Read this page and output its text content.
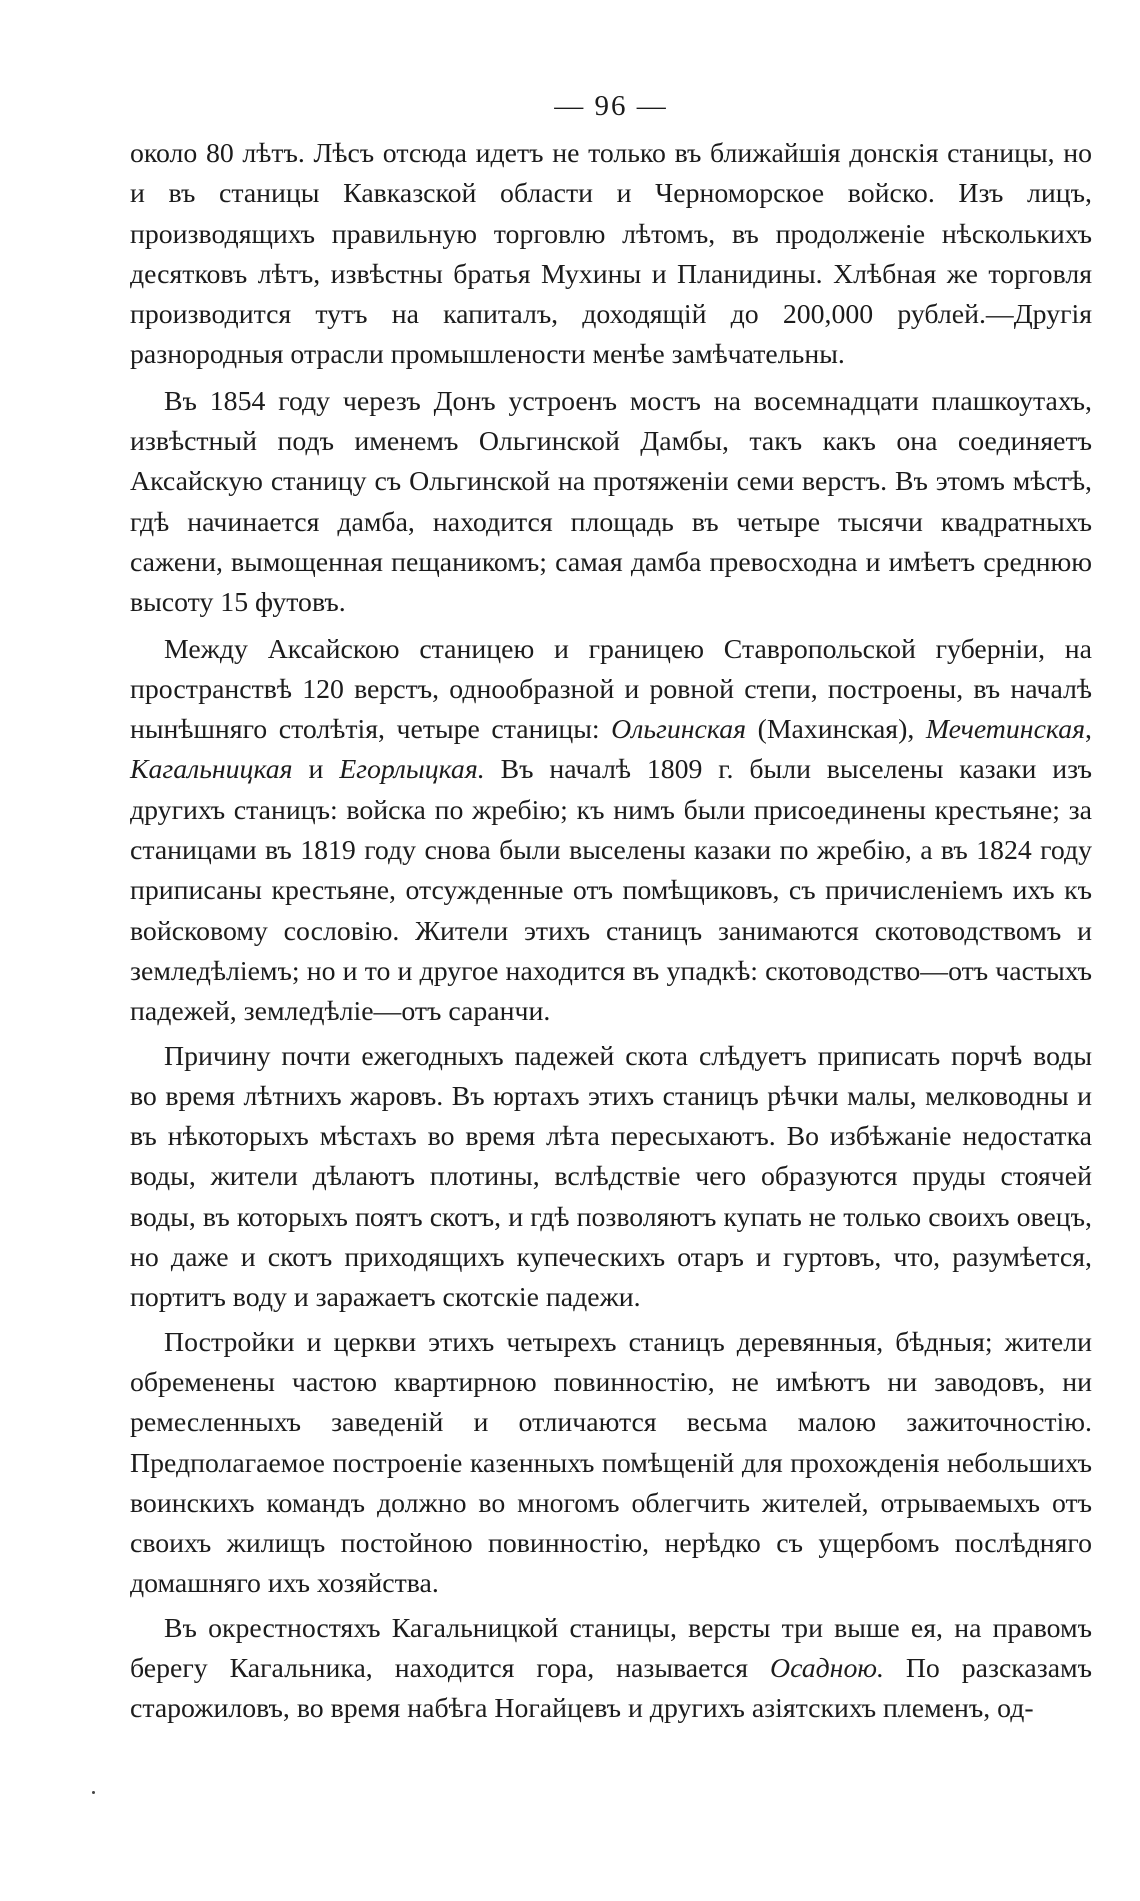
— 96 —

около 80 лѣтъ. Лѣсъ отсюда идетъ не только въ ближайшія донскія станицы, но и въ станицы Кавказской области и Черноморское войско. Изъ лицъ, производящихъ правильную торговлю лѣтомъ, въ продолженіе нѣсколькихъ десятковъ лѣтъ, извѣстны братья Мухины и Планидины. Хлѣбная же торговля производится тутъ на капиталъ, доходящій до 200,000 рублей.—Другія разнородныя отрасли промышлености менѣе замѣчательны.

Въ 1854 году черезъ Донъ устроенъ мостъ на восемнадцати плашкоутахъ, извѣстный подъ именемъ Ольгинской Дамбы, такъ какъ она соединяетъ Аксайскую станицу съ Ольгинской на протяженіи семи верстъ. Въ этомъ мѣстѣ, гдѣ начинается дамба, находится площадь въ четыре тысячи квадратныхъ сажени, вымощенная пещаникомъ; самая дамба превосходна и имѣетъ среднюю высоту 15 футовъ.

Между Аксайскою станицею и границею Ставропольской губерніи, на пространствѣ 120 верстъ, однообразной и ровной степи, построены, въ началѣ нынѣшняго столѣтія, четыре станицы: Ольгинская (Махинская), Мечетинская, Кагальницкая и Егорлыцкая. Въ началѣ 1809 г. были выселены казаки изъ другихъ станицъ: войска по жребію; къ нимъ были присоединены крестьяне; за станицами въ 1819 году снова были выселены казаки по жребію, а въ 1824 году приписаны крестьяне, отсужденные отъ помѣщиковъ, съ причисленіемъ ихъ къ войсковому сословію. Жители этихъ станицъ занимаются скотоводствомъ и земледѣліемъ; но и то и другое находится въ упадкѣ: скотоводство—отъ частыхъ падежей, земледѣліе—отъ саранчи.

Причину почти ежегодныхъ падежей скота слѣдуетъ приписать порчѣ воды во время лѣтнихъ жаровъ. Въ юртахъ этихъ станицъ рѣчки малы, мелководны и въ нѣкоторыхъ мѣстахъ во время лѣта пересыхаютъ. Во избѣжаніе недостатка воды, жители дѣлаютъ плотины, вслѣдствіе чего образуются пруды стоячей воды, въ которыхъ поятъ скотъ, и гдѣ позволяютъ купать не только своихъ овецъ, но даже и скотъ приходящихъ купеческихъ отаръ и гуртовъ, что, разумѣется, портитъ воду и заражаетъ скотскіе падежи.

Постройки и церкви этихъ четырехъ станицъ деревянныя, бѣдныя; жители обременены частою квартирною повинностію, не имѣютъ ни заводовъ, ни ремесленныхъ заведеній и отличаются весьма малою зажиточностію. Предполагаемое построеніе казенныхъ помѣщеній для прохожденія небольшихъ воинскихъ командъ должно во многомъ облегчить жителей, отрываемыхъ отъ своихъ жилищъ постойною повинностію, нерѣдко съ ущербомъ послѣдняго домашняго ихъ хозяйства.

Въ окрестностяхъ Кагальницкой станицы, версты три выше ея, на правомъ берегу Кагальника, находится гора, называется Осадною. По разсказамъ старожиловъ, во время набѣга Ногайцевъ и другихъ азіятскихъ племенъ, од-
